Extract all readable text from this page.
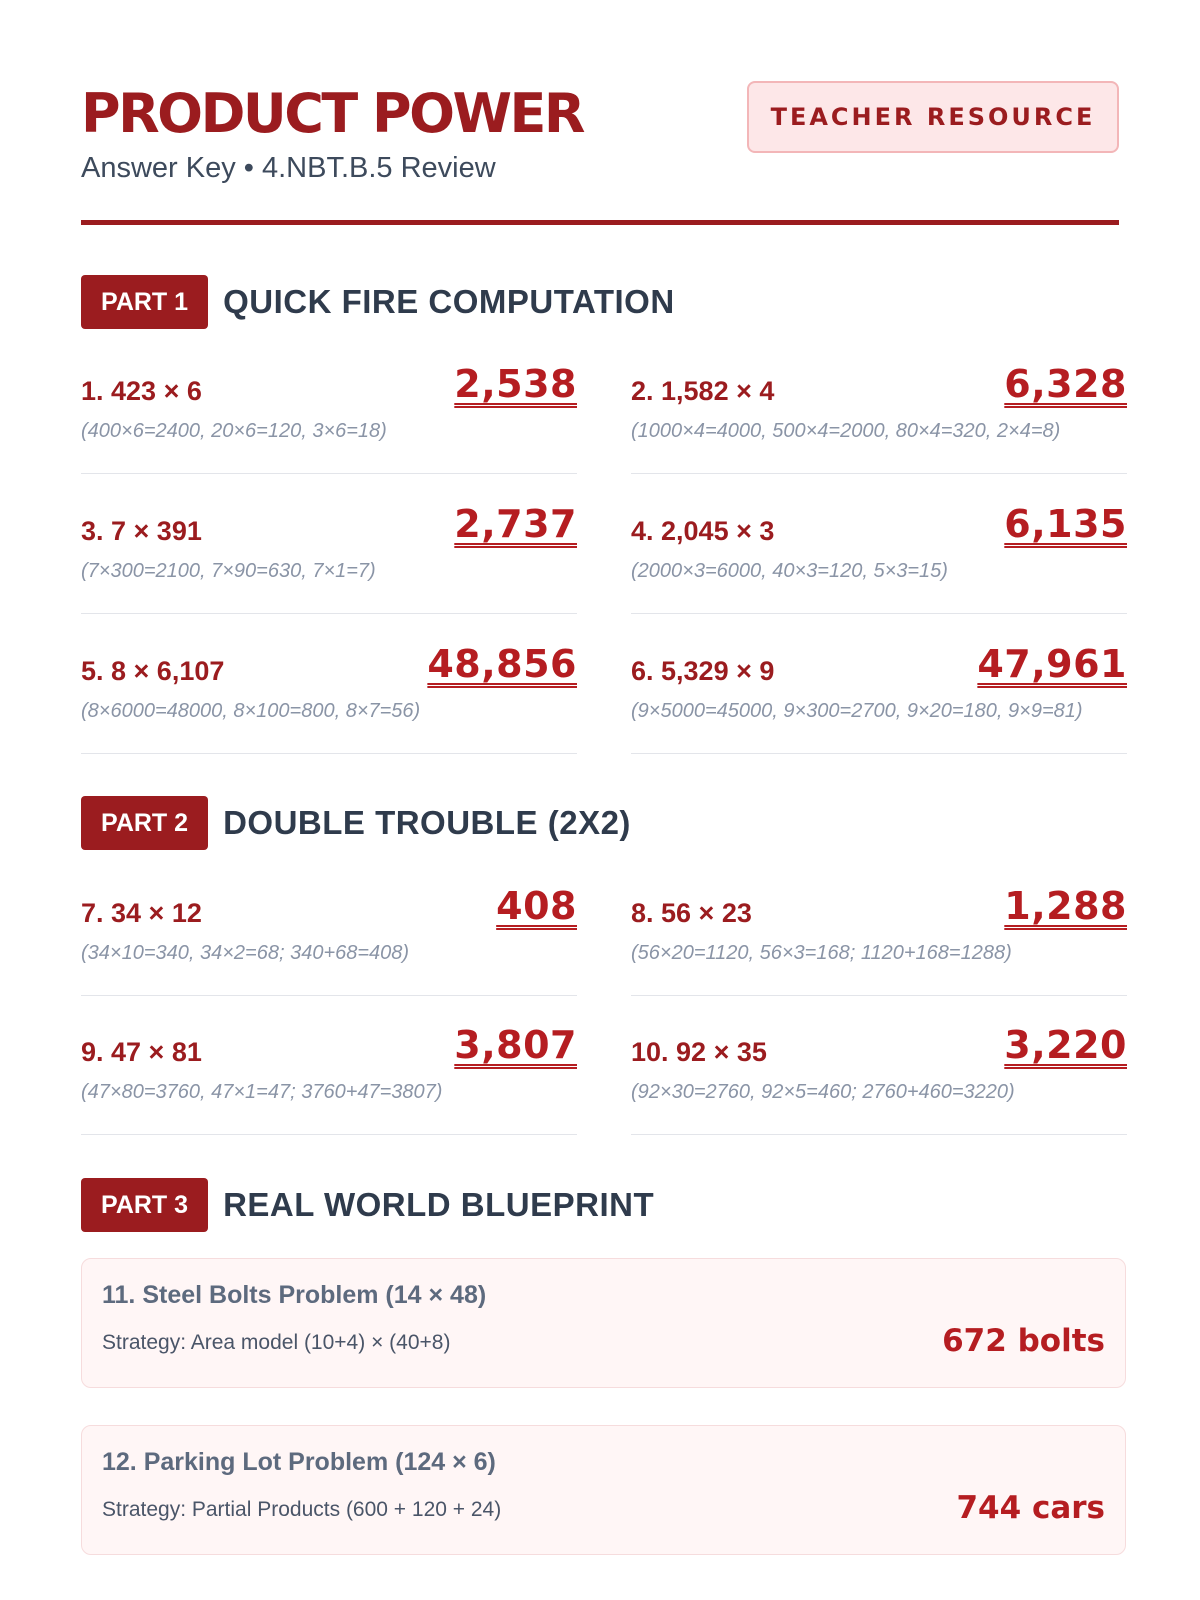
PRODUCT POWER
Answer Key • 4.NBT.B.5 Review
TEACHER RESOURCE
PART 1	QUICK FIRE COMPUTATION
1. 423 × 6	2,538
(400×6=2400, 20×6=120, 3×6=18)
2. 1,582 × 4	6,328
(1000×4=4000, 500×4=2000, 80×4=320, 2×4=8)
3. 7 × 391	2,737
(7×300=2100, 7×90=630, 7×1=7)
4. 2,045 × 3	6,135
(2000×3=6000, 40×3=120, 5×3=15)
5. 8 × 6,107	48,856
(8×6000=48000, 8×100=800, 8×7=56)
6. 5,329 × 9	47,961
(9×5000=45000, 9×300=2700, 9×20=180, 9×9=81)
PART 2	DOUBLE TROUBLE (2X2)
7. 34 × 12	408
(34×10=340, 34×2=68; 340+68=408)
8. 56 × 23	1,288
(56×20=1120, 56×3=168; 1120+168=1288)
9. 47 × 81	3,807
(47×80=3760, 47×1=47; 3760+47=3807)
10. 92 × 35	3,220
(92×30=2760, 92×5=460; 2760+460=3220)
PART 3	REAL WORLD BLUEPRINT
11. Steel Bolts Problem (14 × 48)
Strategy: Area model (10+4) × (40+8)	672 bolts
12. Parking Lot Problem (124 × 6)
Strategy: Partial Products (600 + 120 + 24)	744 cars
